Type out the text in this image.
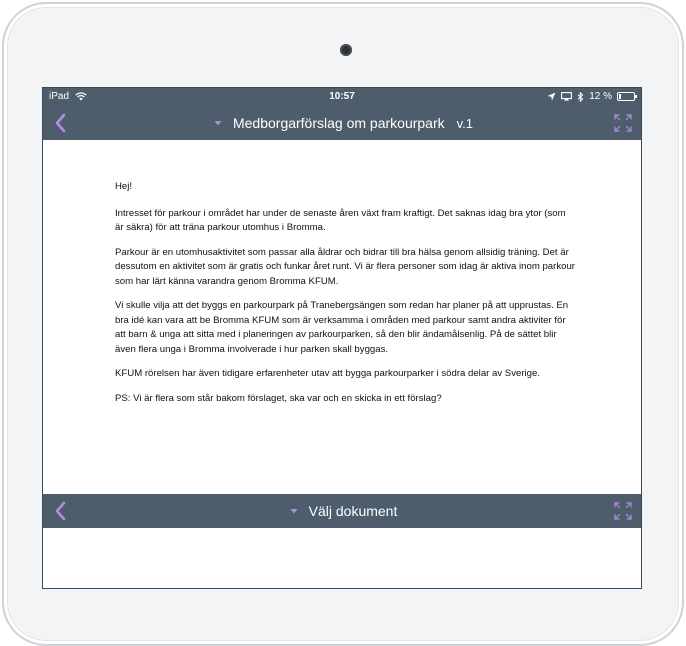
iPad	10:57	12 %
Medborgarförslag om parkourpark v.1

Hej!

Intresset för parkour i området har under de senaste åren växt fram kraftigt. Det saknas idag bra ytor (som är säkra) för att träna parkour utomhus i Bromma.

Parkour är en utomhusaktivitet som passar alla åldrar och bidrar till bra hälsa genom allsidig träning. Det är dessutom en aktivitet som är gratis och funkar året runt. Vi är flera personer som idag är aktiva inom parkour som har lärt känna varandra genom Bromma KFUM.

Vi skulle vilja att det byggs en parkourpark på Tranebergsängen som redan har planer på att upprustas. En bra idé kan vara att be Bromma KFUM som är verksamma i områden med parkour samt andra aktiviter för att barn & unga att sitta med i planeringen av parkourparken, så den blir ändamålsenlig. På de sättet blir även flera unga i Bromma involverade i hur parken skall byggas.

KFUM rörelsen har även tidigare erfarenheter utav att bygga parkourparker i södra delar av Sverige.

PS: Vi är flera som står bakom förslaget, ska var och en skicka in ett förslag?

Välj dokument
